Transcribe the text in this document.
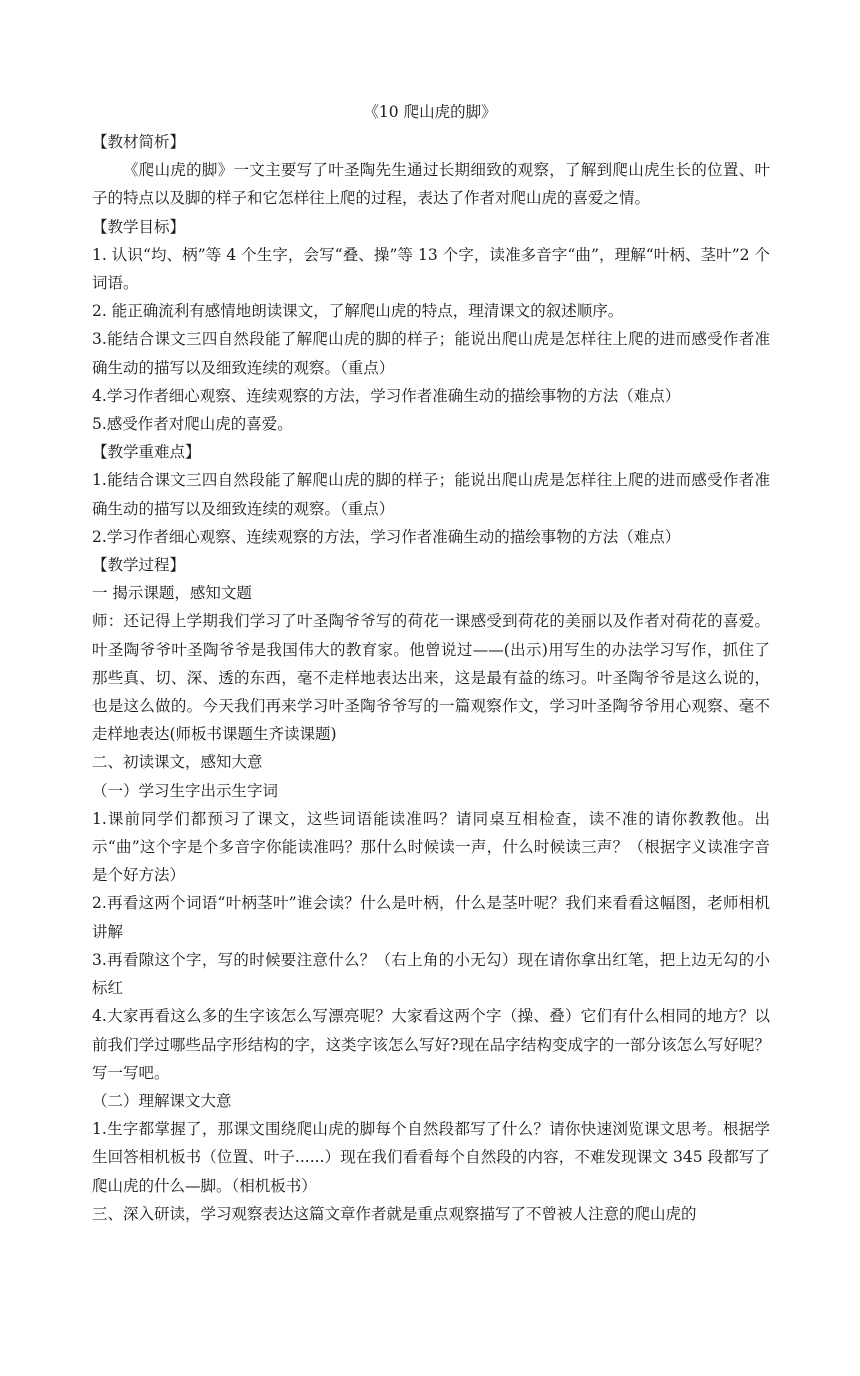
《10 爬山虎的脚》

【教材简析】

《爬山虎的脚》一文主要写了叶圣陶先生通过长期细致的观察，了解到爬山虎生长的位置、叶子的特点以及脚的样子和它怎样往上爬的过程，表达了作者对爬山虎的喜爱之情。

【教学目标】

1. 认识“均、柄”等 4 个生字，会写“叠、操”等 13 个字，读准多音字“曲”，理解“叶柄、茎叶”2 个词语。

2. 能正确流利有感情地朗读课文，了解爬山虎的特点，理清课文的叙述顺序。

3.能结合课文三四自然段能了解爬山虎的脚的样子；能说出爬山虎是怎样往上爬的进而感受作者准确生动的描写以及细致连续的观察。（重点）

4.学习作者细心观察、连续观察的方法，学习作者准确生动的描绘事物的方法（难点）

5.感受作者对爬山虎的喜爱。

【教学重难点】

1.能结合课文三四自然段能了解爬山虎的脚的样子；能说出爬山虎是怎样往上爬的进而感受作者准确生动的描写以及细致连续的观察。（重点）

2.学习作者细心观察、连续观察的方法，学习作者准确生动的描绘事物的方法（难点）

【教学过程】

一 揭示课题，感知文题

师：还记得上学期我们学习了叶圣陶爷爷写的荷花一课感受到荷花的美丽以及作者对荷花的喜爱。叶圣陶爷爷叶圣陶爷爷是我国伟大的教育家。他曾说过——(出示)用写生的办法学习写作，抓住了那些真、切、深、透的东西，毫不走样地表达出来，这是最有益的练习。叶圣陶爷爷是这么说的，也是这么做的。今天我们再来学习叶圣陶爷爷写的一篇观察作文，学习叶圣陶爷爷用心观察、毫不走样地表达(师板书课题生齐读课题)

二、初读课文，感知大意

（一）学习生字出示生字词

1.课前同学们都预习了课文，这些词语能读准吗？请同桌互相检查，读不准的请你教教他。出示“曲”这个字是个多音字你能读准吗？那什么时候读一声，什么时候读三声？（根据字义读准字音是个好方法）

2.再看这两个词语“叶柄茎叶”谁会读？什么是叶柄，什么是茎叶呢？我们来看看这幅图，老师相机讲解

3.再看隙这个字，写的时候要注意什么？（右上角的小无勾）现在请你拿出红笔，把上边无勾的小标红

4.大家再看这么多的生字该怎么写漂亮呢？大家看这两个字（操、叠）它们有什么相同的地方？以前我们学过哪些品字形结构的字，这类字该怎么写好?现在品字结构变成字的一部分该怎么写好呢？写一写吧。

（二）理解课文大意

1.生字都掌握了，那课文围绕爬山虎的脚每个自然段都写了什么？请你快速浏览课文思考。根据学生回答相机板书（位置、叶子......）现在我们看看每个自然段的内容，不难发现课文 345 段都写了爬山虎的什么—脚。（相机板书）

三、深入研读，学习观察表达这篇文章作者就是重点观察描写了不曾被人注意的爬山虎的
